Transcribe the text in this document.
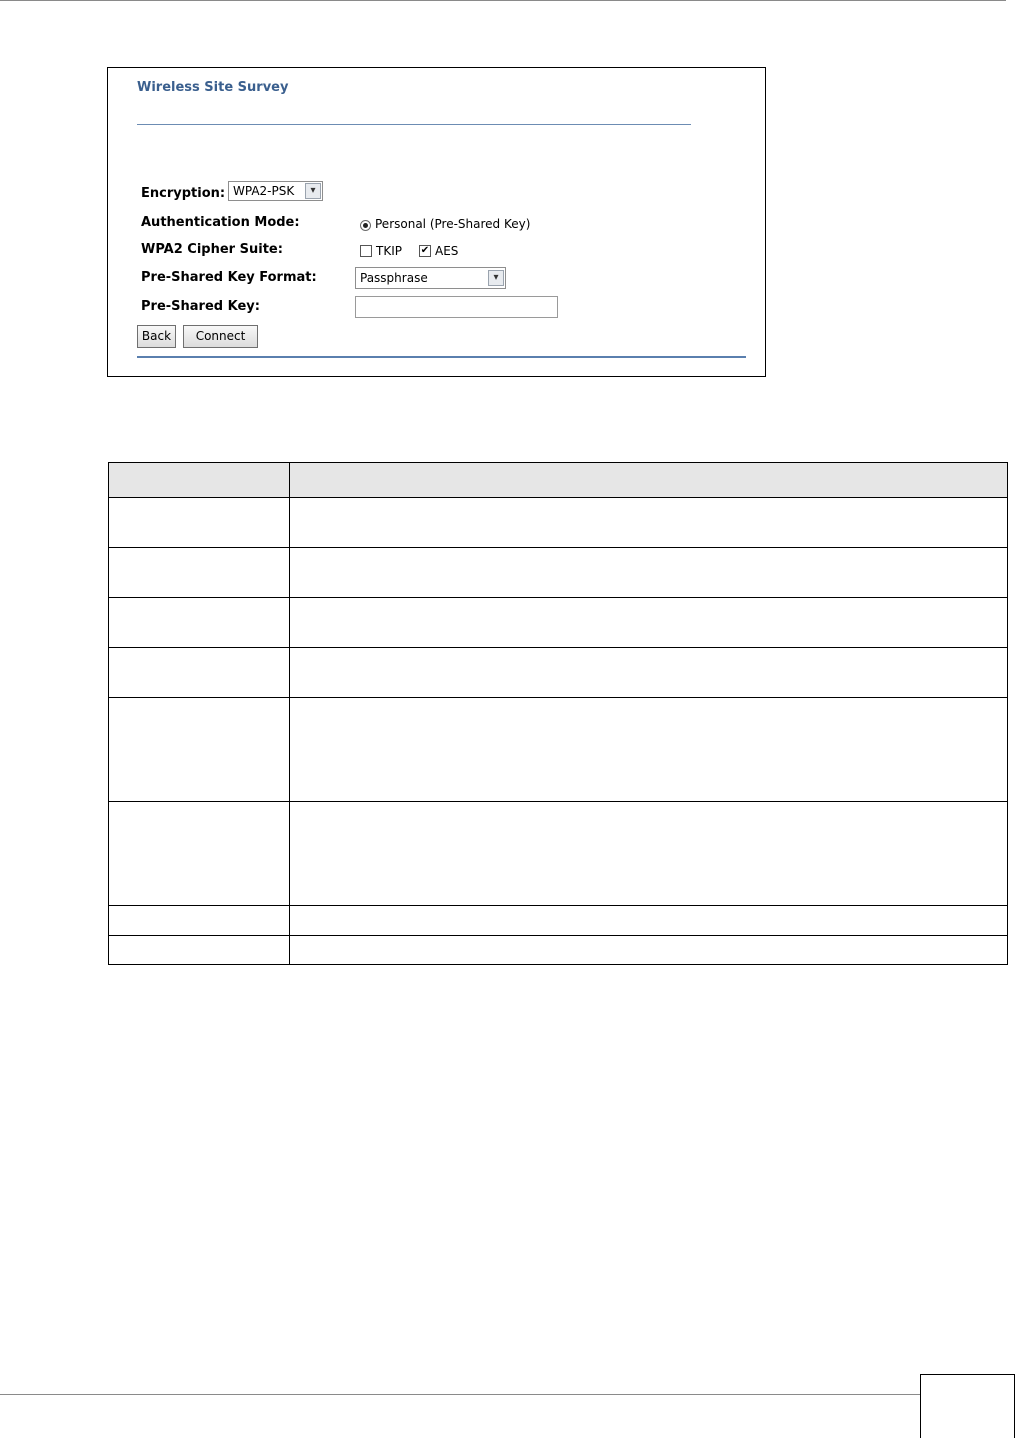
Wireless Site Survey
Encryption: WPA2-PSK	▾
Authentication Mode:	Personal (Pre-Shared Key)
WPA2 Cipher Suite:	TKIP ✔ AES
Pre-Shared Key Format:	Passphrase	▾
Pre-Shared Key:
Back	Connect
